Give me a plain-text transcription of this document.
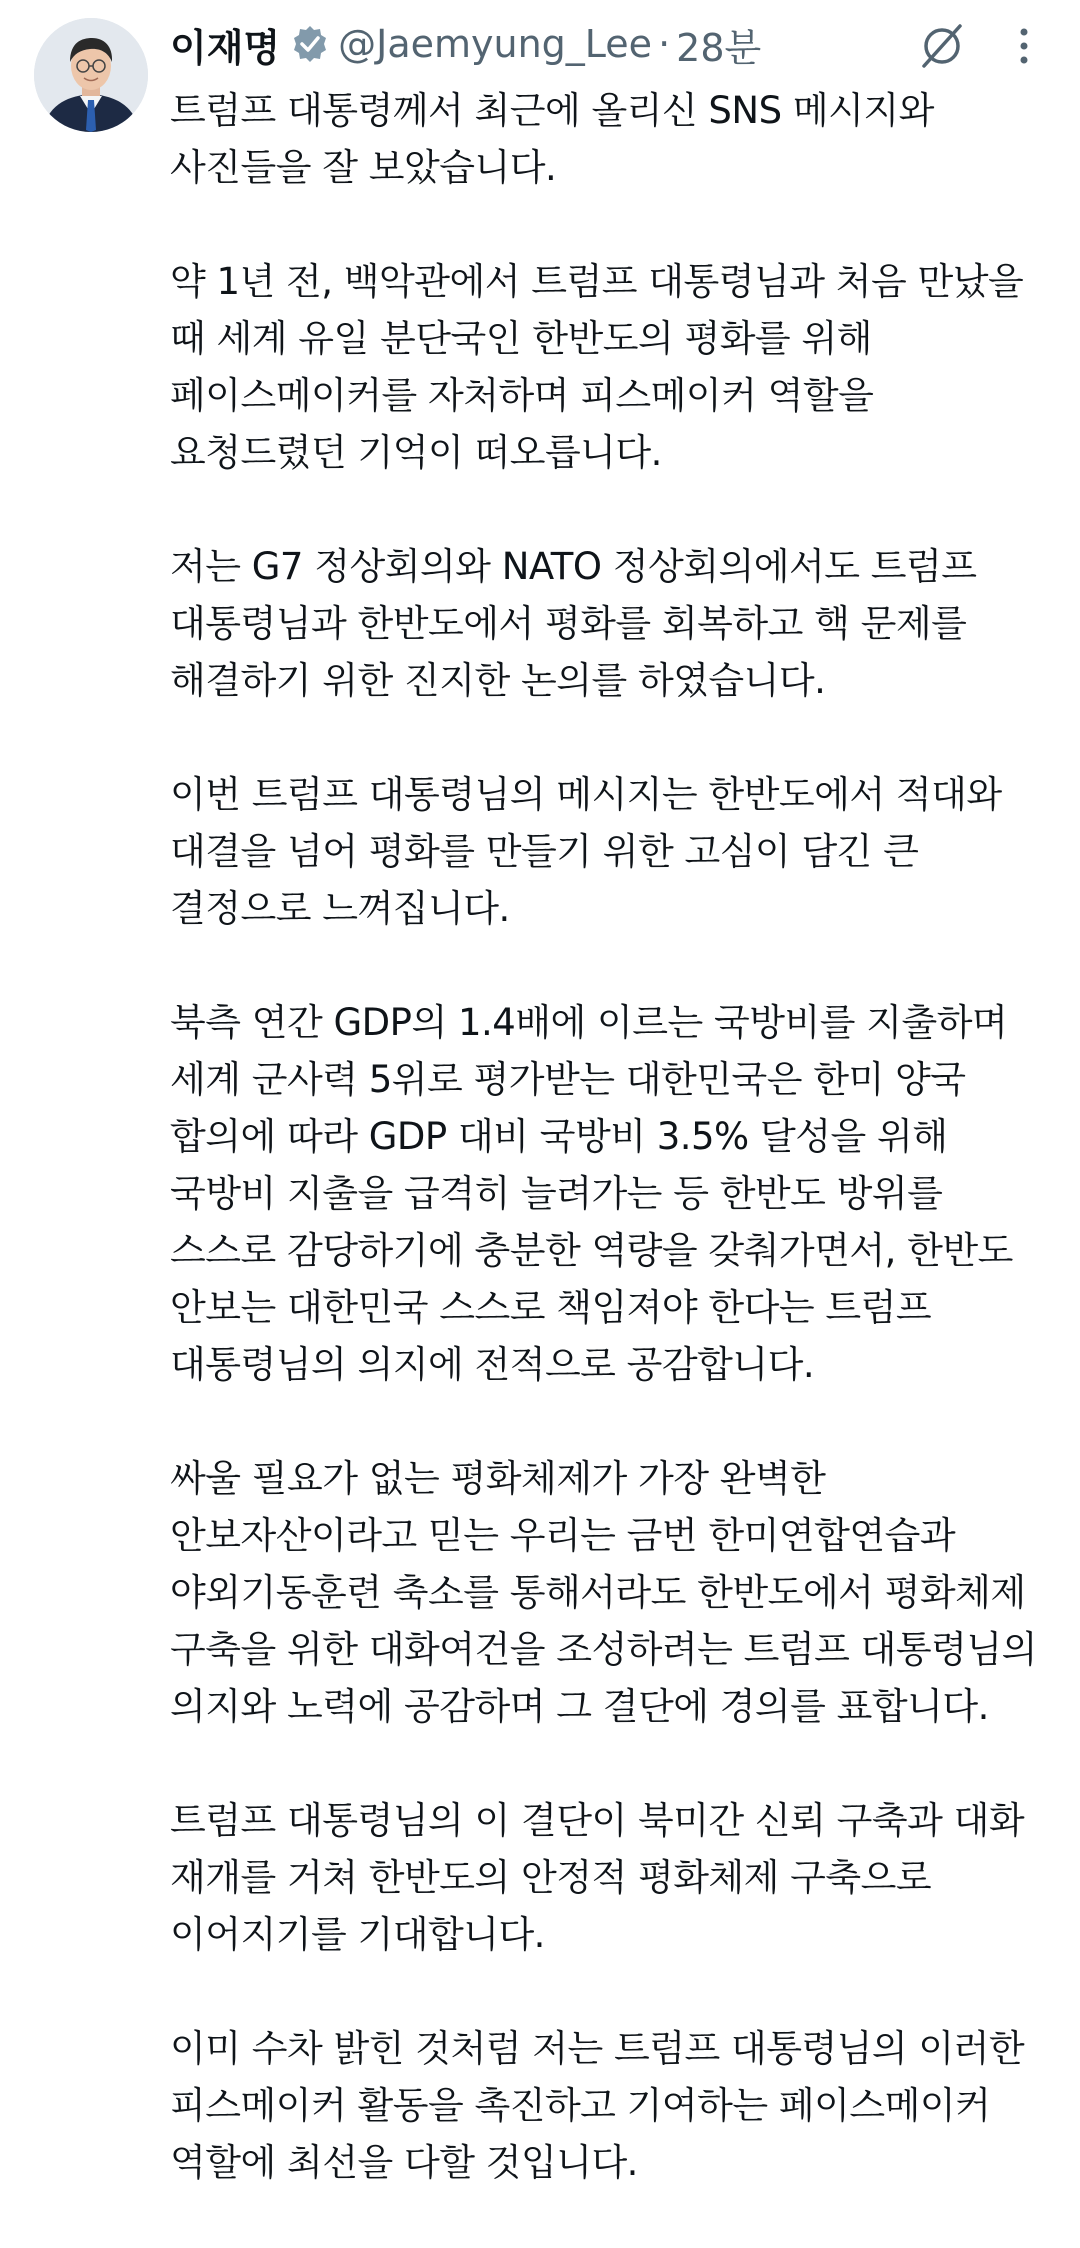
이재명 @Jaemyung_Lee · 28분
트럼프 대통령께서 최근에 올리신 SNS 메시지와
사진들을 잘 보았습니다.
약 1년 전, 백악관에서 트럼프 대통령님과 처음 만났을
때 세계 유일 분단국인 한반도의 평화를 위해
페이스메이커를 자처하며 피스메이커 역할을
요청드렸던 기억이 떠오릅니다.
저는 G7 정상회의와 NATO 정상회의에서도 트럼프
대통령님과 한반도에서 평화를 회복하고 핵 문제를
해결하기 위한 진지한 논의를 하였습니다.
이번 트럼프 대통령님의 메시지는 한반도에서 적대와
대결을 넘어 평화를 만들기 위한 고심이 담긴 큰
결정으로 느껴집니다.
북측 연간 GDP의 1.4배에 이르는 국방비를 지출하며
세계 군사력 5위로 평가받는 대한민국은 한미 양국
합의에 따라 GDP 대비 국방비 3.5% 달성을 위해
국방비 지출을 급격히 늘려가는 등 한반도 방위를
스스로 감당하기에 충분한 역량을 갖춰가면서, 한반도
안보는 대한민국 스스로 책임져야 한다는 트럼프
대통령님의 의지에 전적으로 공감합니다.
싸울 필요가 없는 평화체제가 가장 완벽한
안보자산이라고 믿는 우리는 금번 한미연합연습과
야외기동훈련 축소를 통해서라도 한반도에서 평화체제
구축을 위한 대화여건을 조성하려는 트럼프 대통령님의
의지와 노력에 공감하며 그 결단에 경의를 표합니다.
트럼프 대통령님의 이 결단이 북미간 신뢰 구축과 대화
재개를 거쳐 한반도의 안정적 평화체제 구축으로
이어지기를 기대합니다.
이미 수차 밝힌 것처럼 저는 트럼프 대통령님의 이러한
피스메이커 활동을 촉진하고 기여하는 페이스메이커
역할에 최선을 다할 것입니다.
